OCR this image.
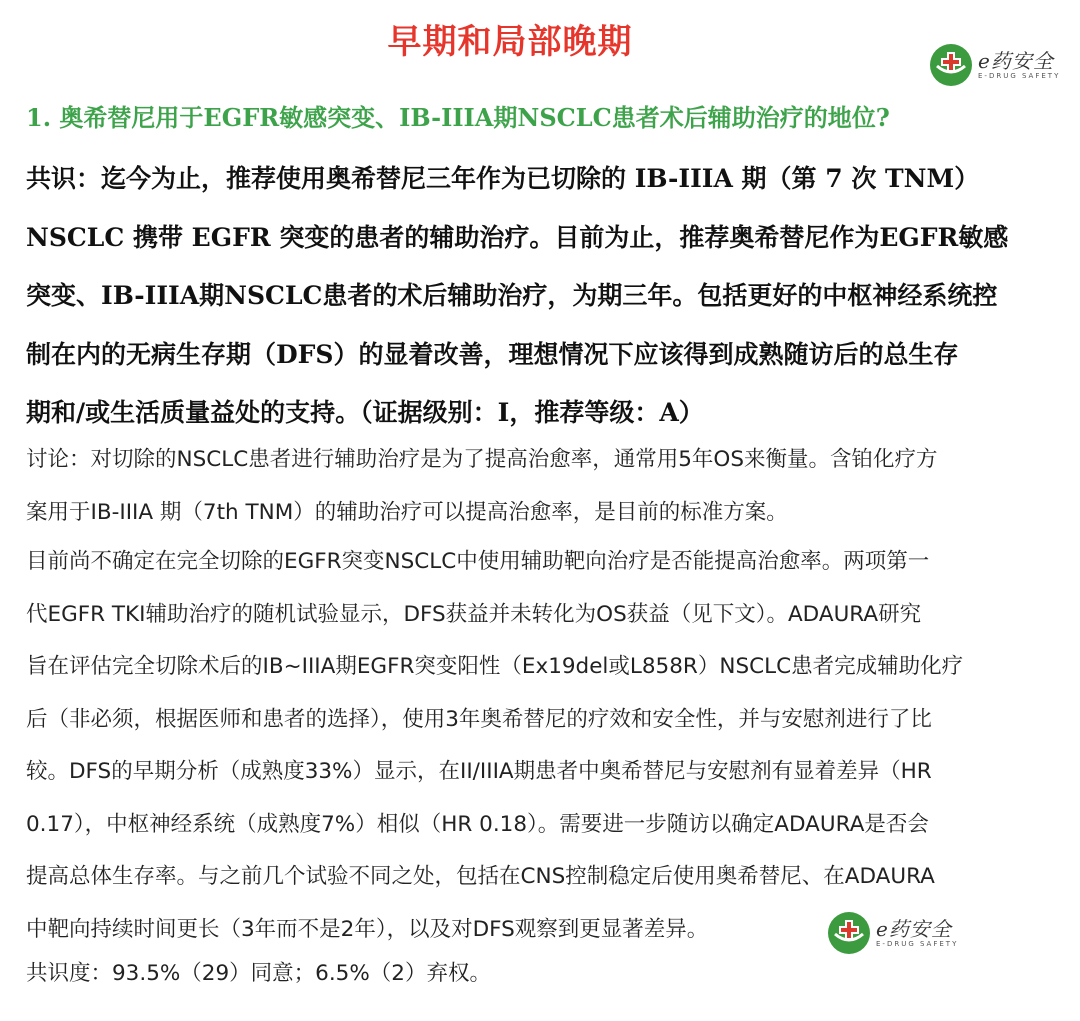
早期和局部晚期	e药安全
E-DRUG SAFETY
1. 奥希替尼用于EGFR敏感突变、IB-IIIA期NSCLC患者术后辅助治疗的地位?
共识：迄今为止，推荐使用奥希替尼三年作为已切除的 IB-IIIA 期（第 7 次 TNM）
NSCLC 携带 EGFR 突变的患者的辅助治疗。目前为止，推荐奥希替尼作为EGFR敏感
突变、IB-IIIA期NSCLC患者的术后辅助治疗，为期三年。包括更好的中枢神经系统控
制在内的无病生存期（DFS）的显着改善，理想情况下应该得到成熟随访后的总生存
期和/或生活质量益处的支持。（证据级别：I，推荐等级：A）
讨论：对切除的NSCLC患者进行辅助治疗是为了提高治愈率，通常用5年OS来衡量。含铂化疗方
案用于IB-IIIA 期（7th TNM）的辅助治疗可以提高治愈率，是目前的标准方案。
目前尚不确定在完全切除的EGFR突变NSCLC中使用辅助靶向治疗是否能提高治愈率。两项第一
代EGFR TKI辅助治疗的随机试验显示，DFS获益并未转化为OS获益（见下文）。ADAURA研究
旨在评估完全切除术后的IB~IIIA期EGFR突变阳性（Ex19del或L858R）NSCLC患者完成辅助化疗
后（非必须，根据医师和患者的选择），使用3年奥希替尼的疗效和安全性，并与安慰剂进行了比
较。DFS的早期分析（成熟度33%）显示，在II/IIIA期患者中奥希替尼与安慰剂有显着差异（HR
0.17），中枢神经系统（成熟度7%）相似（HR 0.18）。需要进一步随访以确定ADAURA是否会
提高总体生存率。与之前几个试验不同之处，包括在CNS控制稳定后使用奥希替尼、在ADAURA
中靶向持续时间更长（3年而不是2年），以及对DFS观察到更显著差异。	e药安全
E-DRUG SAFETY
共识度：93.5%（29）同意；6.5%（2）弃权。
